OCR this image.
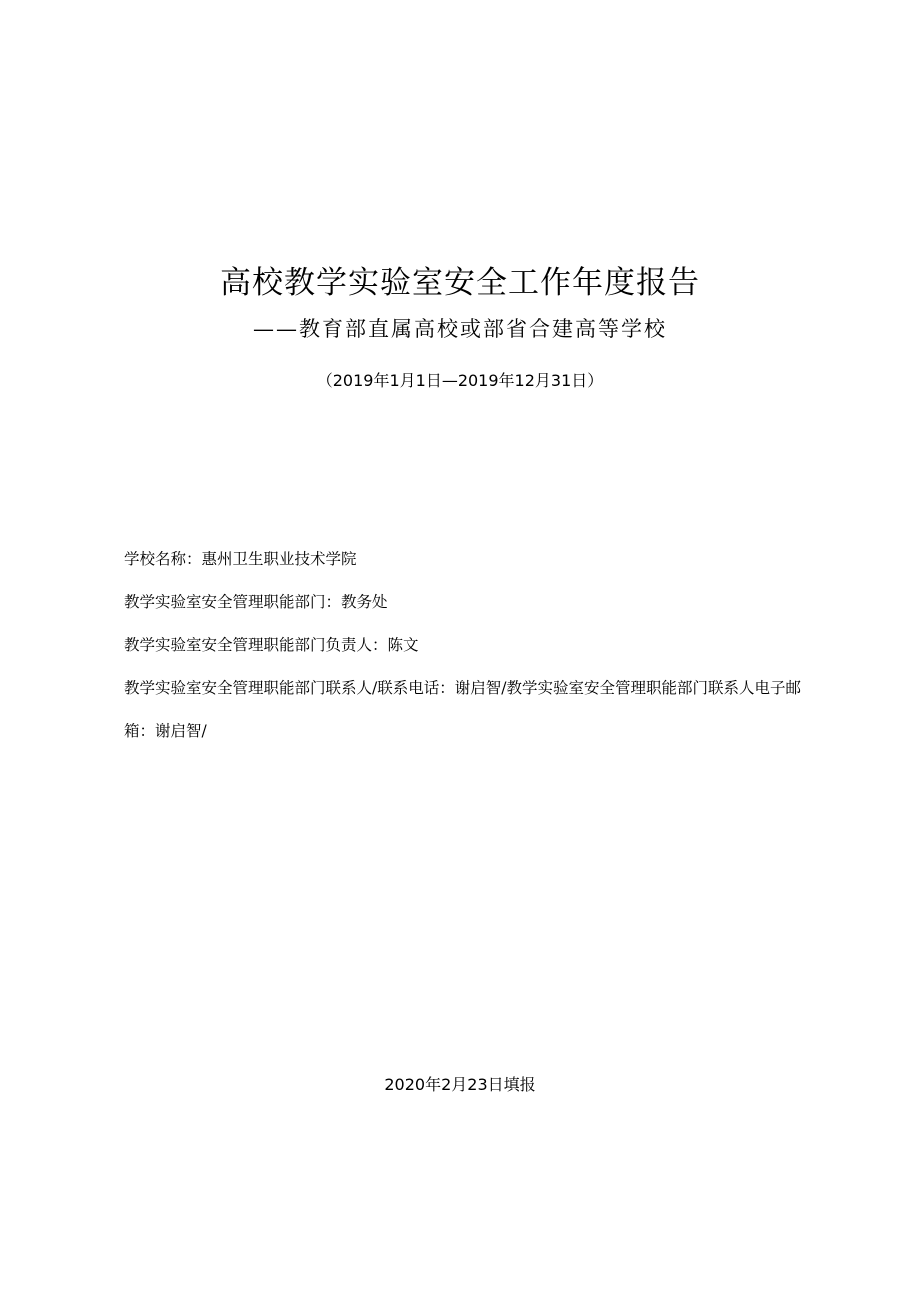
高校教学实验室安全工作年度报告
——教育部直属高校或部省合建高等学校
（2019年1月1日—2019年12月31日）
学校名称：惠州卫生职业技术学院
教学实验室安全管理职能部门：教务处
教学实验室安全管理职能部门负责人：陈文
教学实验室安全管理职能部门联系人/联系电话：谢启智/教学实验室安全管理职能部门联系人电子邮箱：谢启智/
2020年2月23日填报
